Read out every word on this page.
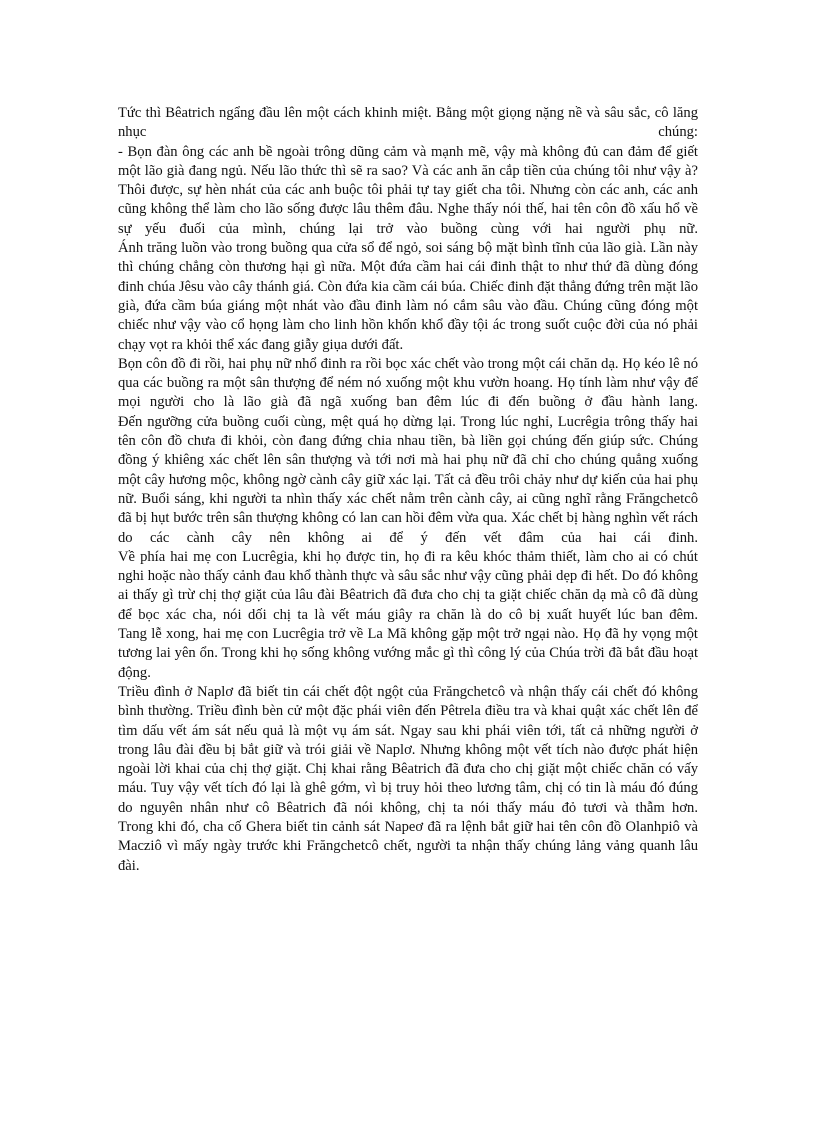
Tức thì Bêatrich ngẩng đầu lên một cách khinh miệt. Bằng một giọng nặng nề và sâu sắc, cô lăng nhục chúng:

- Bọn đàn ông các anh bề ngoài trông dũng cảm và mạnh mẽ, vậy mà không đủ can đảm để giết một lão già đang ngủ. Nếu lão thức thì sẽ ra sao? Và các anh ăn cắp tiền của chúng tôi như vậy à? Thôi được, sự hèn nhát của các anh buộc tôi phải tự tay giết cha tôi. Nhưng còn các anh, các anh cũng không thể làm cho lão sống được lâu thêm đâu. Nghe thấy nói thế, hai tên côn đồ xấu hổ về sự yếu đuối của mình, chúng lại trở vào buồng cùng với hai người phụ nữ.

Ánh trăng luồn vào trong buồng qua cửa sổ để ngỏ, soi sáng bộ mặt bình tĩnh của lão già. Lần này thì chúng chẳng còn thương hại gì nữa. Một đứa cầm hai cái đinh thật to như thứ đã dùng đóng đinh chúa Jêsu vào cây thánh giá. Còn đứa kia cầm cái búa. Chiếc đinh đặt thẳng đứng trên mặt lão già, đứa cầm búa giáng một nhát vào đầu đinh làm nó cắm sâu vào đầu. Chúng cũng đóng một chiếc như vậy vào cổ họng làm cho linh hồn khốn khổ đầy tội ác trong suốt cuộc đời của nó phải chạy vọt ra khỏi thể xác đang giẫy giụa dưới đất.

Bọn côn đồ đi rồi, hai phụ nữ nhổ đinh ra rồi bọc xác chết vào trong một cái chăn dạ. Họ kéo lê nó qua các buồng ra một sân thượng để ném nó xuống một khu vườn hoang. Họ tính làm như vậy để mọi người cho là lão già đã ngã xuống ban đêm lúc đi đến buồng ở đầu hành lang.

Đến ngưỡng cửa buồng cuối cùng, mệt quá họ dừng lại. Trong lúc nghỉ, Lucrêgia trông thấy hai tên côn đồ chưa đi khỏi, còn đang đứng chia nhau tiền, bà liền gọi chúng đến giúp sức. Chúng đồng ý khiêng xác chết lên sân thượng và tới nơi mà hai phụ nữ đã chỉ cho chúng quẳng xuống một cây hương mộc, không ngờ cành cây giữ xác lại. Tất cả đều trôi chảy như dự kiến của hai phụ nữ. Buổi sáng, khi người ta nhìn thấy xác chết nằm trên cành cây, ai cũng nghĩ rằng Frăngchetcô đã bị hụt bước trên sân thượng không có lan can hồi đêm vừa qua. Xác chết bị hàng nghìn vết rách do các cành cây nên không ai để ý đến vết đâm của hai cái đinh.

Về phía hai mẹ con Lucrêgia, khi họ được tin, họ đi ra kêu khóc thảm thiết, làm cho ai có chút nghi hoặc nào thấy cảnh đau khổ thành thực và sâu sắc như vậy cũng phải dẹp đi hết. Do đó không ai thấy gì trừ chị thợ giặt của lâu đài Bêatrich đã đưa cho chị ta giặt chiếc chăn dạ mà cô đã dùng để bọc xác cha, nói dối chị ta là vết máu giây ra chăn là do cô bị xuất huyết lúc ban đêm.

Tang lễ xong, hai mẹ con Lucrêgia trở về La Mã không gặp một trở ngại nào. Họ đã hy vọng một tương lai yên ổn. Trong khi họ sống không vướng mắc gì thì công lý của Chúa trời đã bắt đầu hoạt động.

Triều đình ở Naplơ đã biết tin cái chết đột ngột của Frăngchetcô và nhận thấy cái chết đó không bình thường. Triều đình bèn cử một đặc phái viên đến Pêtrela điều tra và khai quật xác chết lên để tìm dấu vết ám sát nếu quả là một vụ ám sát. Ngay sau khi phái viên tới, tất cả những người ở trong lâu đài đều bị bắt giữ và trói giải về Naplơ. Nhưng không một vết tích nào được phát hiện ngoài lời khai của chị thợ giặt. Chị khai rằng Bêatrich đã đưa cho chị giặt một chiếc chăn có vấy máu. Tuy vậy vết tích đó lại là ghê gớm, vì bị truy hỏi theo lương tâm, chị có tin là máu đó đúng do nguyên nhân như cô Bêatrich đã nói không, chị ta nói thấy máu đỏ tươi và thẫm hơn.

Trong khi đó, cha cố Ghera biết tin cảnh sát Napeơ đã ra lệnh bắt giữ hai tên côn đồ Olanhpiô và Macziô vì mấy ngày trước khi Frăngchetcô chết, người ta nhận thấy chúng lảng vảng quanh lâu đài.
